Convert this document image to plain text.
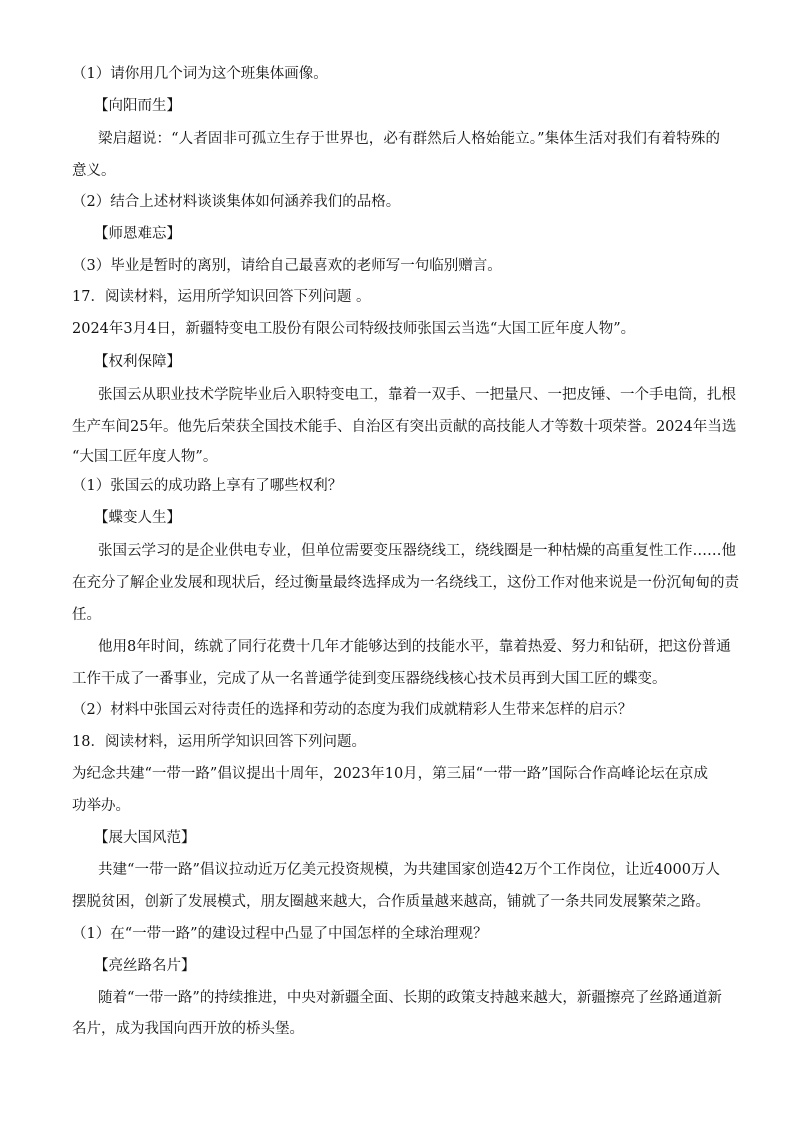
（1）请你用几个词为这个班集体画像。
【向阳而生】
梁启超说：“人者固非可孤立生存于世界也，必有群然后人格始能立。”集体生活对我们有着特殊的
意义。
（2）结合上述材料谈谈集体如何涵养我们的品格。
【师恩难忘】
（3）毕业是暂时的离别，请给自己最喜欢的老师写一句临别赠言。
17．阅读材料，运用所学知识回答下列问题 。
2024年3月4日，新疆特变电工股份有限公司特级技师张国云当选“大国工匠年度人物”。
【权利保障】
张国云从职业技术学院毕业后入职特变电工，靠着一双手、一把量尺、一把皮锤、一个手电筒，扎根
生产车间25年。他先后荣获全国技术能手、自治区有突出贡献的高技能人才等数十项荣誉。2024年当选
“大国工匠年度人物”。
（1）张国云的成功路上享有了哪些权利？
【蝶变人生】
张国云学习的是企业供电专业，但单位需要变压器绕线工，绕线圈是一种枯燥的高重复性工作……他
在充分了解企业发展和现状后，经过衡量最终选择成为一名绕线工，这份工作对他来说是一份沉甸甸的责
任。
他用8年时间，练就了同行花费十几年才能够达到的技能水平，靠着热爱、努力和钻研，把这份普通
工作干成了一番事业，完成了从一名普通学徒到变压器绕线核心技术员再到大国工匠的蝶变。
（2）材料中张国云对待责任的选择和劳动的态度为我们成就精彩人生带来怎样的启示？
18．阅读材料，运用所学知识回答下列问题。
为纪念共建“一带一路”倡议提出十周年，2023年10月，第三届“一带一路”国际合作高峰论坛在京成
功举办。
【展大国风范】
共建“一带一路”倡议拉动近万亿美元投资规模，为共建国家创造42万个工作岗位，让近4000万人
摆脱贫困，创新了发展模式，朋友圈越来越大，合作质量越来越高，铺就了一条共同发展繁荣之路。
（1）在“一带一路”的建设过程中凸显了中国怎样的全球治理观？
【亮丝路名片】
随着“一带一路”的持续推进，中央对新疆全面、长期的政策支持越来越大，新疆擦亮了丝路通道新
名片，成为我国向西开放的桥头堡。
